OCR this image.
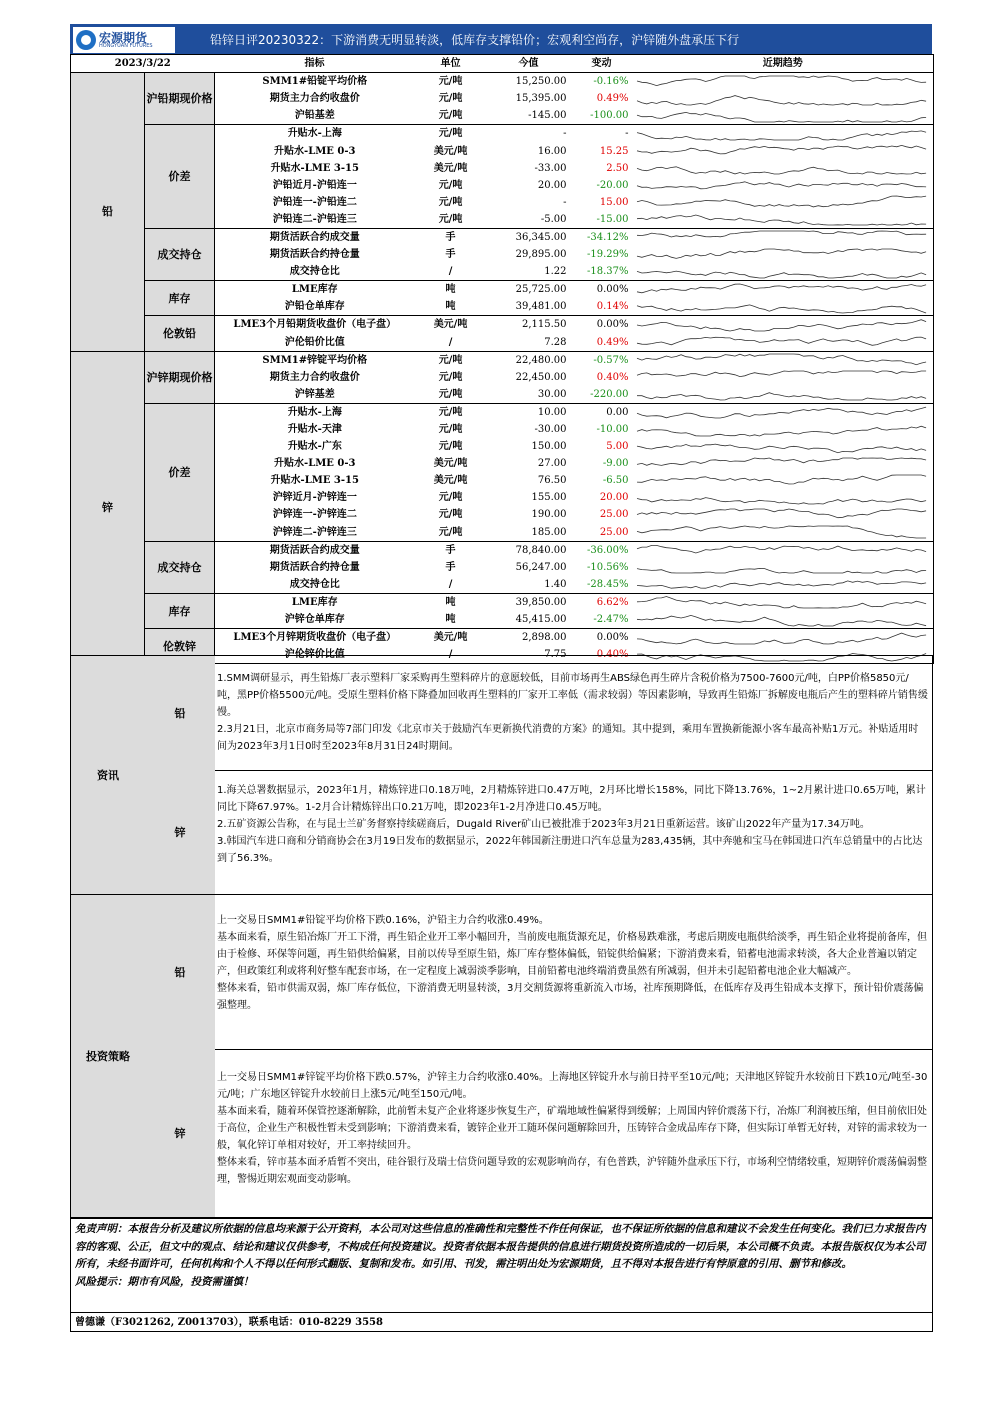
宏源期货
HONGYUAN FUTURES	铅锌日评20230322：下游消费无明显转淡，低库存支撑铅价；宏观利空尚存，沪锌随外盘承压下行
2023/3/22		指标	单位	今值	变动	近期趋势
铅	沪铅期现价格	SMM1#铅锭平均价格	元/吨	15,250.00	-0.16%	

		期货主力合约收盘价	元/吨	15,395.00	0.49%	

		沪铅基差	元/吨	-145.00	-100.00	

	价差	升贴水-上海	元/吨	-	-	

		升贴水-LME 0-3	美元/吨	16.00	15.25	

		升贴水-LME 3-15	美元/吨	-33.00	2.50	

		沪铅近月-沪铅连一	元/吨	20.00	-20.00	

		沪铅连一-沪铅连二	元/吨	-	15.00	

		沪铅连二-沪铅连三	元/吨	-5.00	-15.00	

	成交持仓	期货活跃合约成交量	手	36,345.00	-34.12%	

		期货活跃合约持仓量	手	29,895.00	-19.29%	

		成交持仓比	/	1.22	-18.37%	

	库存	LME库存	吨	25,725.00	0.00%	

		沪铅仓单库存	吨	39,481.00	0.14%	

	伦敦铅	LME3个月铅期货收盘价（电子盘）	美元/吨	2,115.50	0.00%	

		沪伦铅价比值	/	7.28	0.49%	

锌	沪锌期现价格	SMM1#锌锭平均价格	元/吨	22,480.00	-0.57%	

		期货主力合约收盘价	元/吨	22,450.00	0.40%	

		沪锌基差	元/吨	30.00	-220.00	

	价差	升贴水-上海	元/吨	10.00	0.00	

		升贴水-天津	元/吨	-30.00	-10.00	

		升贴水-广东	元/吨	150.00	5.00	

		升贴水-LME 0-3	美元/吨	27.00	-9.00	

		升贴水-LME 3-15	美元/吨	76.50	-6.50	

		沪锌近月-沪锌连一	元/吨	155.00	20.00	

		沪锌连一-沪锌连二	元/吨	190.00	25.00	

		沪锌连二-沪锌连三	元/吨	185.00	25.00	

	成交持仓	期货活跃合约成交量	手	78,840.00	-36.00%	

		期货活跃合约持仓量	手	56,247.00	-10.56%	

		成交持仓比	/	1.40	-28.45%	

	库存	LME库存	吨	39,850.00	6.62%	

		沪锌仓单库存	吨	45,415.00	-2.47%	

	伦敦锌	LME3个月锌期货收盘价（电子盘）	美元/吨	2,898.00	0.00%	

		沪伦锌价比值	/	7.75	0.40%	
资讯
铅

1.SMM调研显示，再生铅炼厂表示塑料厂家采购再生塑料碎片的意愿较低，目前市场再生ABS绿色再生碎片含税价格为7500-7600元/吨，白PP价格5850元/吨，黑PP价格5500元/吨。受原生塑料价格下降叠加回收再生塑料的厂家开工率低（需求较弱）等因素影响，导致再生铅炼厂拆解废电瓶后产生的塑料碎片销售缓慢。

2.3月21日，北京市商务局等7部门印发《北京市关于鼓励汽车更新换代消费的方案》的通知。其中提到，乘用车置换新能源小客车最高补贴1万元。补贴适用时间为2023年3月1日0时至2023年8月31日24时期间。

锌

1.海关总署数据显示，2023年1月，精炼锌进口0.18万吨，2月精炼锌进口0.47万吨，2月环比增长158%，同比下降13.76%，1~2月累计进口0.65万吨，累计同比下降67.97%。1-2月合计精炼锌出口0.21万吨，即2023年1-2月净进口0.45万吨。

2.五矿资源公告称，在与昆士兰矿务督察持续磋商后，Dugald River矿山已被批准于2023年3月21日重新运营。该矿山2022年产量为17.34万吨。

3.韩国汽车进口商和分销商协会在3月19日发布的数据显示，2022年韩国新注册进口汽车总量为283,435辆，其中奔驰和宝马在韩国进口汽车总销量中的占比达到了56.3%。

投资策略
铅

上一交易日SMM1#铅锭平均价格下跌0.16%，沪铅主力合约收涨0.49%。

基本面来看，原生铅冶炼厂开工下滑，再生铅企业开工率小幅回升，当前废电瓶货源充足，价格易跌难涨，考虑后期废电瓶供给淡季，再生铅企业将提前备库，但由于检修、环保等问题，再生铅供给偏紧，目前以传导至原生铅，炼厂库存整体偏低，铅锭供给偏紧；下游消费来看，铅蓄电池需求转淡，各大企业普遍以销定产，但政策红利或将利好整车配套市场，在一定程度上减弱淡季影响，目前铅蓄电池终端消费虽然有所减弱，但并未引起铅蓄电池企业大幅减产。

整体来看，铅市供需双弱，炼厂库存低位，下游消费无明显转淡，3月交割货源将重新流入市场，社库预期降低，在低库存及再生铅成本支撑下，预计铅价震荡偏强整理。

锌

上一交易日SMM1#锌锭平均价格下跌0.57%，沪锌主力合约收涨0.40%。上海地区锌锭升水与前日持平至10元/吨；天津地区锌锭升水较前日下跌10元/吨至-30元/吨；广东地区锌锭升水较前日上涨5元/吨至150元/吨。

基本面来看，随着环保管控逐渐解除，此前暂未复产企业将逐步恢复生产，矿端地域性偏紧得到缓解；上周国内锌价震荡下行，冶炼厂利润被压缩，但目前依旧处于高位，企业生产积极性暂未受到影响；下游消费来看，镀锌企业开工随环保问题解除回升，压铸锌合金成品库存下降，但实际订单暂无好转，对锌的需求较为一般，氧化锌订单相对较好，开工率持续回升。

整体来看，锌市基本面矛盾暂不突出，硅谷银行及瑞士信贷问题导致的宏观影响尚存，有色普跌，沪锌随外盘承压下行，市场利空情绪较重，短期锌价震荡偏弱整理，警惕近期宏观面变动影响。

免责声明：本报告分析及建议所依据的信息均来源于公开资料，本公司对这些信息的准确性和完整性不作任何保证，也不保证所依据的信息和建议不会发生任何变化。我们已力求报告内容的客观、公正，但文中的观点、结论和建议仅供参考，不构成任何投资建议。投资者依据本报告提供的信息进行期货投资所造成的一切后果，本公司概不负责。本报告版权仅为本公司所有，未经书面许可，任何机构和个人不得以任何形式翻版、复制和发布。如引用、刊发，需注明出处为宏源期货，且不得对本报告进行有悖原意的引用、删节和修改。

风险提示：期市有风险，投资需谨慎！

曾德谦（F3021262, Z0013703），联系电话：010-8229 3558
